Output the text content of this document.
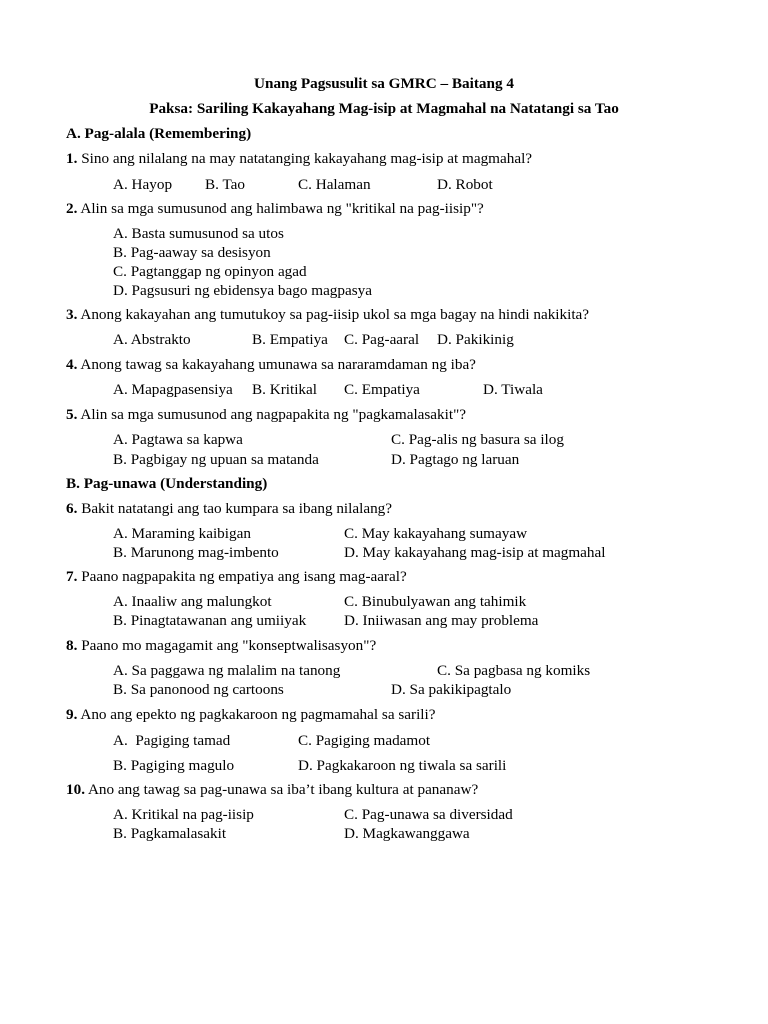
Unang Pagsusulit sa GMRC – Baitang 4
Paksa: Sariling Kakayahang Mag-isip at Magmahal na Natatangi sa Tao
A. Pag-alala (Remembering)
1. Sino ang nilalang na may natatanging kakayahang mag-isip at magmahal?
A. Hayop B. Tao	C. Halaman	D. Robot
2. Alin sa mga sumusunod ang halimbawa ng "kritikal na pag-iisip"?
A. Basta sumusunod sa utos
B. Pag-aaway sa desisyon
C. Pagtanggap ng opinyon agad
D. Pagsusuri ng ebidensya bago magpasya
3. Anong kakayahan ang tumutukoy sa pag-iisip ukol sa mga bagay na hindi nakikita?
A. Abstrakto	B. Empatiya C. Pag-aaral D. Pakikinig
4. Anong tawag sa kakayahang umunawa sa nararamdaman ng iba?
A. Mapagpasensiya B. Kritikal C. Empatiya	D. Tiwala
5. Alin sa mga sumusunod ang nagpapakita ng "pagkamalasakit"?
A. Pagtawa sa kapwa
B. Pagbigay ng upuan sa matanda
C. Pag-alis ng basura sa ilog
D. Pagtago ng laruan
B. Pag-unawa (Understanding)
6. Bakit natatangi ang tao kumpara sa ibang nilalang?
A. Maraming kaibigan
B. Marunong mag-imbento
C. May kakayahang sumayaw
D. May kakayahang mag-isip at magmahal
7. Paano nagpapakita ng empatiya ang isang mag-aaral?
A. Inaaliw ang malungkot
B. Pinagtatawanan ang umiiyak
C. Binubulyawan ang tahimik
D. Iniiwasan ang may problema
8. Paano mo magagamit ang "konseptwalisasyon"?
A. Sa paggawa ng malalim na tanong
B. Sa panonood ng cartoons
C. Sa pagbasa ng komiks
D. Sa pakikipagtalo
9. Ano ang epekto ng pagkakaroon ng pagmamahal sa sarili?
A.  Pagiging tamad
B. Pagiging magulo
C. Pagiging madamot
D. Pagkakaroon ng tiwala sa sarili
10. Ano ang tawag sa pag-unawa sa iba’t ibang kultura at pananaw?
A. Kritikal na pag-iisip
B. Pagkamalasakit
C. Pag-unawa sa diversidad
D. Magkawanggawa
